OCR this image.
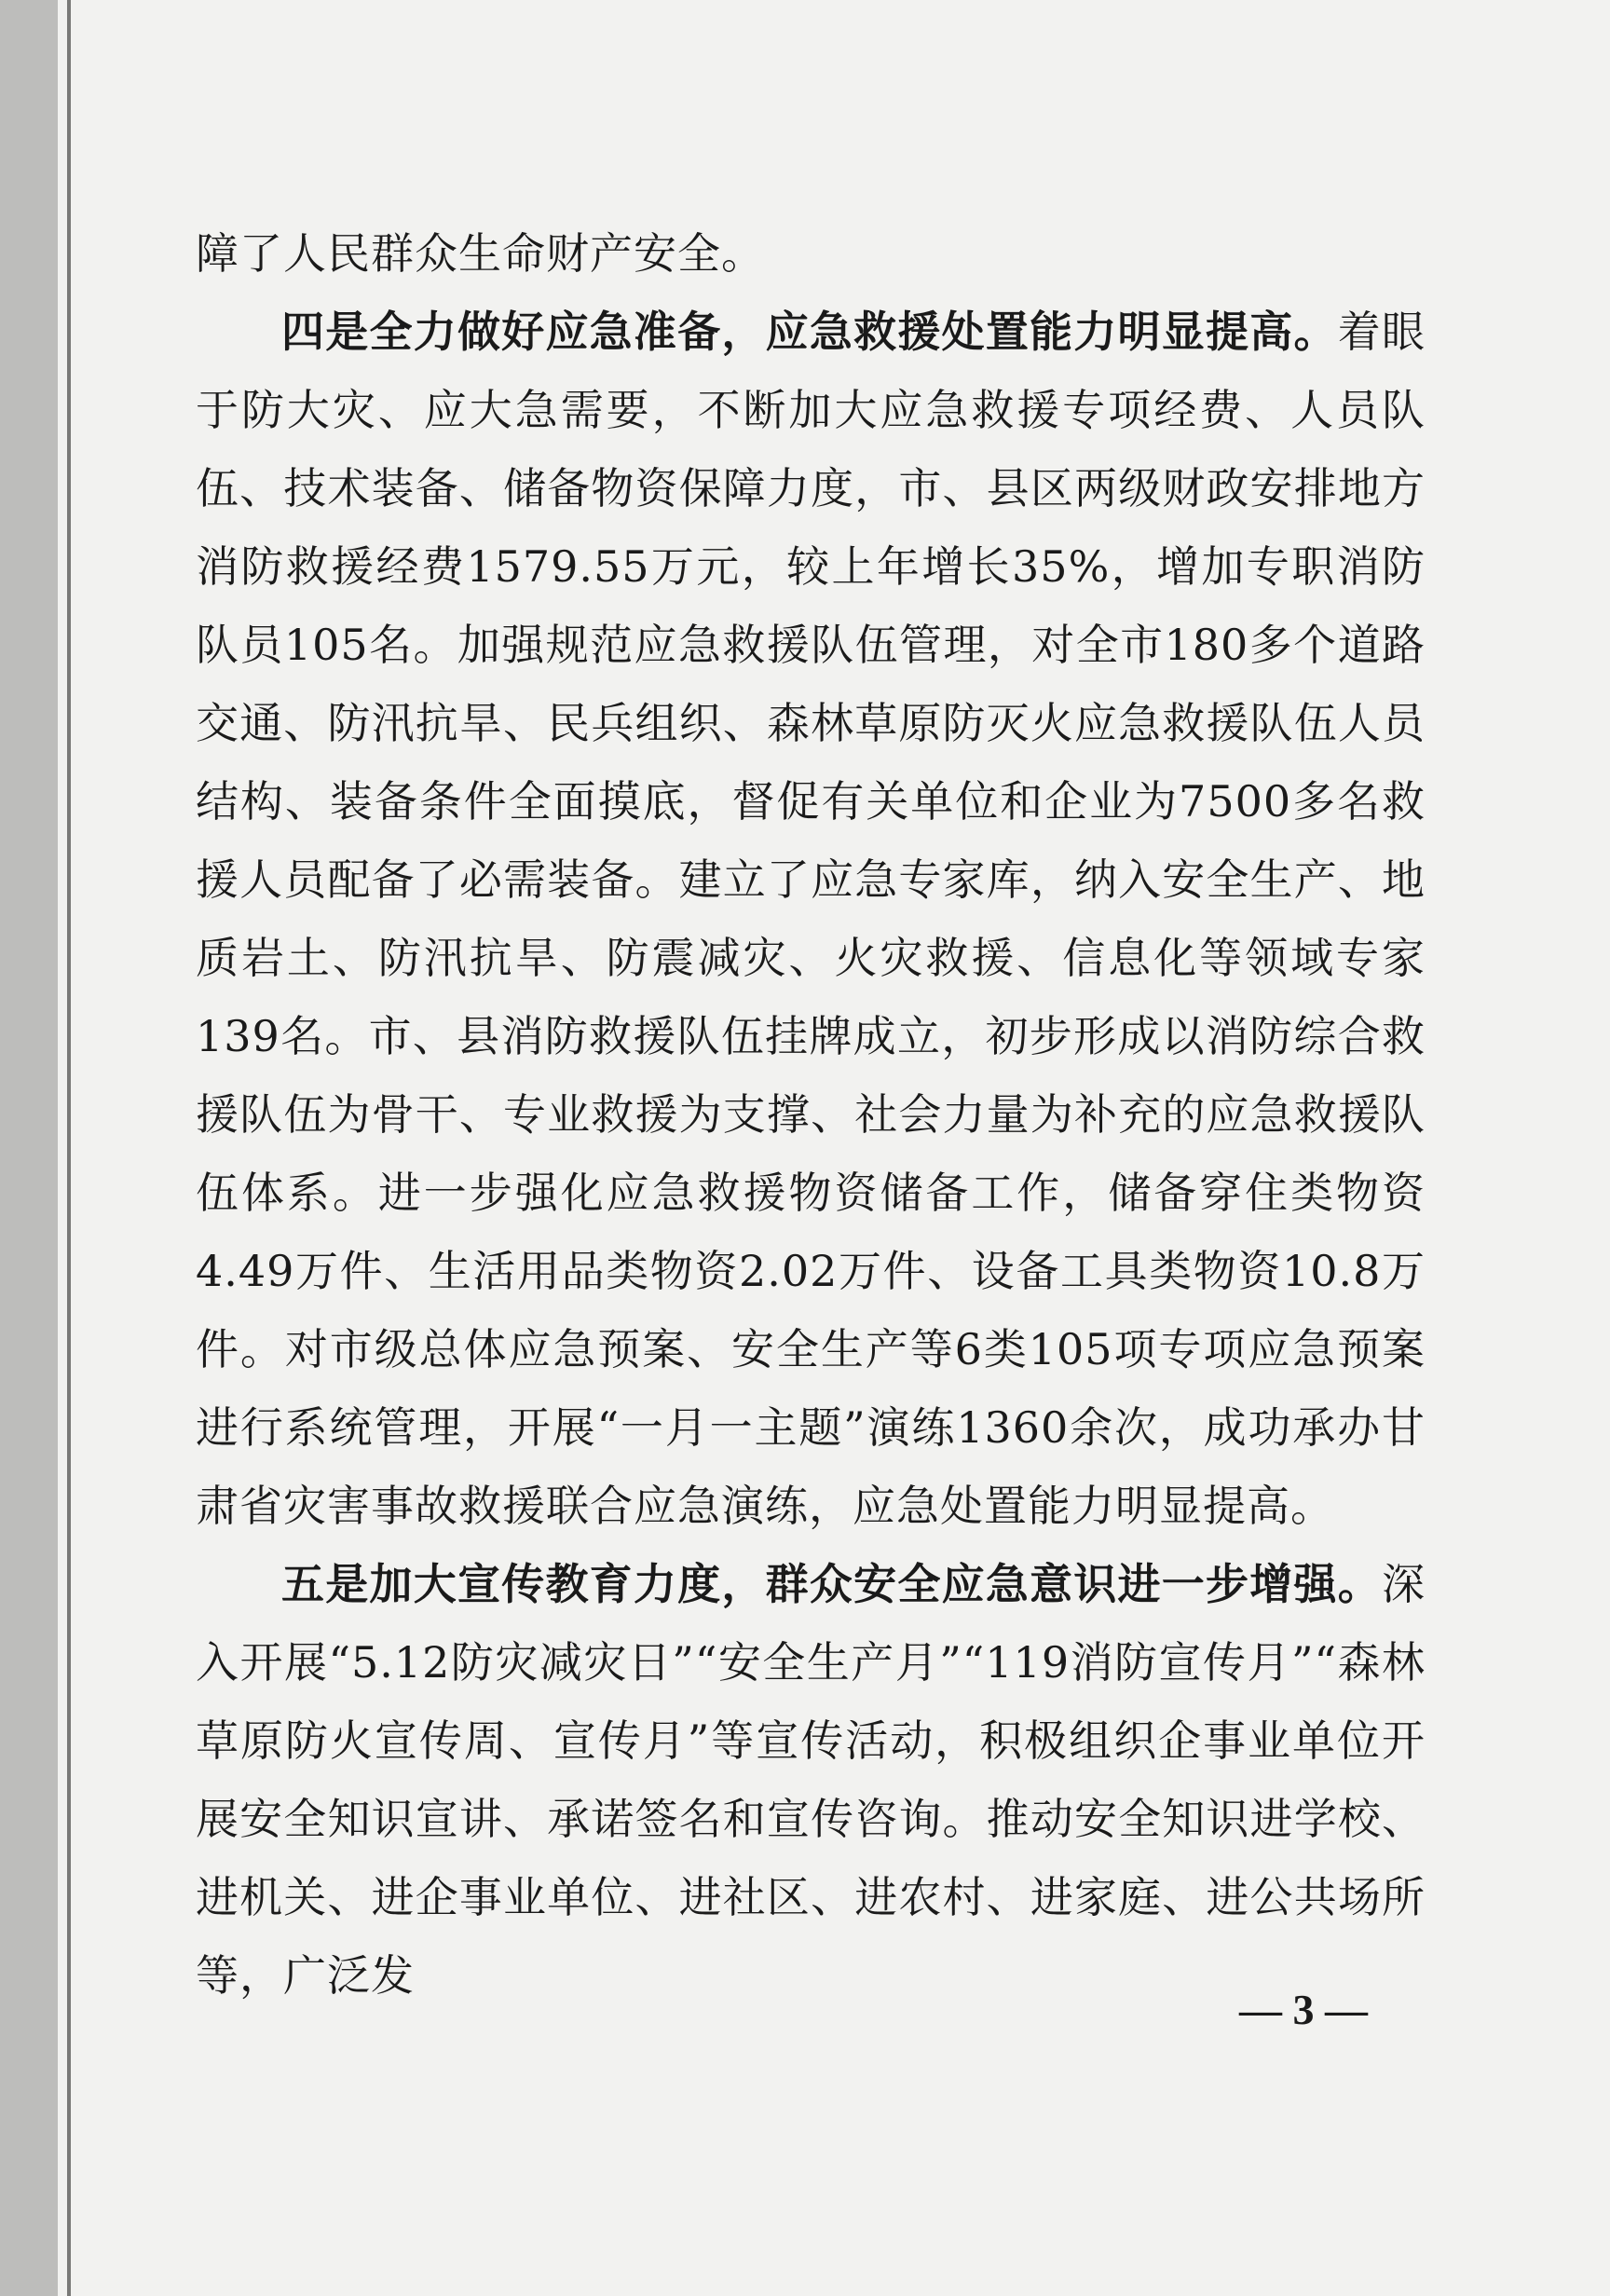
障了人民群众生命财产安全。

四是全力做好应急准备，应急救援处置能力明显提高。着眼于防大灾、应大急需要，不断加大应急救援专项经费、人员队伍、技术装备、储备物资保障力度，市、县区两级财政安排地方消防救援经费1579.55万元，较上年增长35%，增加专职消防队员105名。加强规范应急救援队伍管理，对全市180多个道路交通、防汛抗旱、民兵组织、森林草原防灭火应急救援队伍人员结构、装备条件全面摸底，督促有关单位和企业为7500多名救援人员配备了必需装备。建立了应急专家库，纳入安全生产、地质岩土、防汛抗旱、防震减灾、火灾救援、信息化等领域专家139名。市、县消防救援队伍挂牌成立，初步形成以消防综合救援队伍为骨干、专业救援为支撑、社会力量为补充的应急救援队伍体系。进一步强化应急救援物资储备工作，储备穿住类物资4.49万件、生活用品类物资2.02万件、设备工具类物资10.8万件。对市级总体应急预案、安全生产等6类105项专项应急预案进行系统管理，开展“一月一主题”演练1360余次，成功承办甘肃省灾害事故救援联合应急演练，应急处置能力明显提高。

五是加大宣传教育力度，群众安全应急意识进一步增强。深入开展“5.12防灾减灾日”“安全生产月”“119消防宣传月”“森林草原防火宣传周、宣传月”等宣传活动，积极组织企事业单位开展安全知识宣讲、承诺签名和宣传咨询。推动安全知识进学校、进机关、进企事业单位、进社区、进农村、进家庭、进公共场所等，广泛发

— 3 —
